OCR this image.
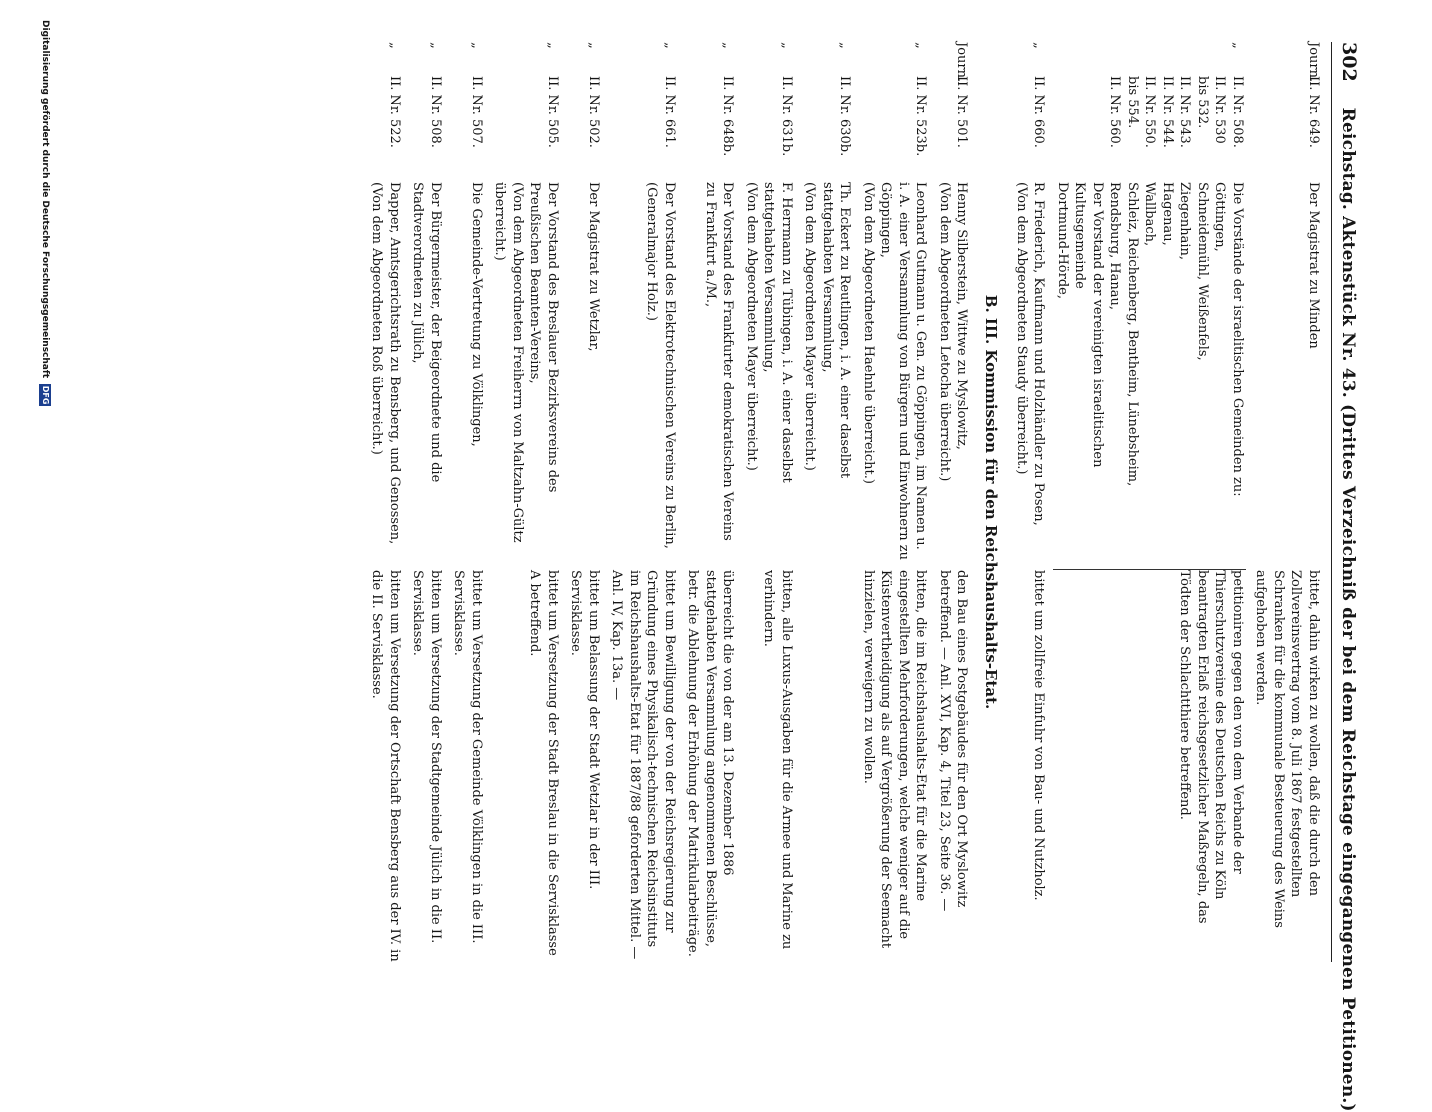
302
Reichstag. Aktenstück Nr. 43. (Drittes Verzeichniß der bei dem Reichstage eingegangenen Petitionen.)
Journ.
II. Nr. 649.
Der Magistrat zu Minden
bittet, dahin wirken zu wollen, daß die durch den Zollvereinsvertrag vom 8. Juli 1867 festgestellten Schranken für die kommunale Besteuerung des Weins aufgehoben werden.
„
II. Nr. 508.
II. Nr. 530
bis 532.
II. Nr. 543.
II. Nr. 544.
II. Nr. 550.
bis 554.
II. Nr. 560.
Die Vorstände der israelitischen Gemeinden zu:
Göttingen,
Schneidemühl, Weißenfels,
Ziegenhain,
Hagenau,
Wallbach,
Schleiz, Reichenberg, Bentheim, Lünebsheim, Rendsburg, Hanau,
Der Vorstand der vereinigten israelitischen Kultusgemeinde
Dortmund-Hörde,
petitioniren gegen den von dem Verbande der Thierschutzvereine des Deutschen Reichs zu Köln beantragten Erlaß reichsgesetzlicher Maßregeln, das Tödten der Schlachtthiere betreffend.
„
II. Nr. 660.
R. Friederich, Kaufmann und Holzhändler zu Posen,
(Von dem Abgeordneten Staudy überreicht.)
bittet um zollfreie Einfuhr von Bau- und Nutzholz.
B. III. Kommission für den Reichshaushalts-Etat.
Journ.
II. Nr. 501.
Henny Silberstein, Wittwe zu Myslowitz,
(Von dem Abgeordneten Letocha überreicht.)
den Bau eines Postgebäudes für den Ort Myslowitz betreffend. — Anl. XVI, Kap. 4, Titel 23, Seite 36. —
„
II. Nr. 523b.
Leonhard Gutmann u. Gen. zu Göppingen, im Namen u. i. A. einer Versammlung von Bürgern und Einwohnern zu Göppingen,
(Von dem Abgeordneten Haehnle überreicht.)
bitten, die im Reichshaushalts-Etat für die Marine eingestellten Mehrforderungen, welche weniger auf die Küstenvertheidigung als auf Vergrößerung der Seemacht hinzielen, verweigern zu wollen.
„
II. Nr. 630b.
Th. Eckert zu Reutlingen, i. A. einer daselbst stattgehabten Versammlung,
(Von dem Abgeordneten Mayer überreicht.)
„
II. Nr. 631b.
F. Herrmann zu Tübingen, i. A. einer daselbst stattgehabten Versammlung,
(Von dem Abgeordneten Mayer überreicht.)
bitten, alle Luxus-Ausgaben für die Armee und Marine zu verhindern.
„
II. Nr. 648b.
Der Vorstand des Frankfurter demokratischen Vereins zu Frankfurt a./M.,
überreicht die von der am 13. Dezember 1886 stattgehabten Versammlung angenommenen Beschlüsse, betr. die Ablehnung der Erhöhung der Matrikularbeiträge.
„
II. Nr. 661.
Der Vorstand des Elektrotechnischen Vereins zu Berlin,
(Generalmajor Holz.)
bittet um Bewilligung der von der Reichsregierung zur Gründung eines Physikalisch-technischen Reichsinstituts im Reichshaushalts-Etat für 1887/88 geforderten Mittel. — Anl. IV, Kap. 13a. —
„
II. Nr. 502.
Der Magistrat zu Wetzlar,
bittet um Belassung der Stadt Wetzlar in der III. Servisklasse.
„
II. Nr. 505.
Der Vorstand des Breslauer Bezirksvereins des Preußischen Beamten-Vereins,
(Von dem Abgeordneten Freiherrn von Maltzahn-Gültz überreicht.)
bittet um Versetzung der Stadt Breslau in die Servisklasse A betreffend.
„
II. Nr. 507.
Die Gemeinde-Vertretung zu Völklingen,
bittet um Versetzung der Gemeinde Völklingen in die III. Servisklasse.
„
II. Nr. 508.
Der Bürgermeister, der Beigeordnete und die Stadtverordneten zu Jülich,
bitten um Versetzung der Stadtgemeinde Jülich in die II. Servisklasse.
„
II. Nr. 522.
Dapper, Amtsgerichtsrath zu Bensberg, und Genossen,
(Von dem Abgeordneten Roß überreicht.)
bitten um Versetzung der Ortschaft Bensberg aus der IV. in die II. Servisklasse.
Digitalisierung gefördert durch die Deutsche Forschungsgemeinschaft
DFG
